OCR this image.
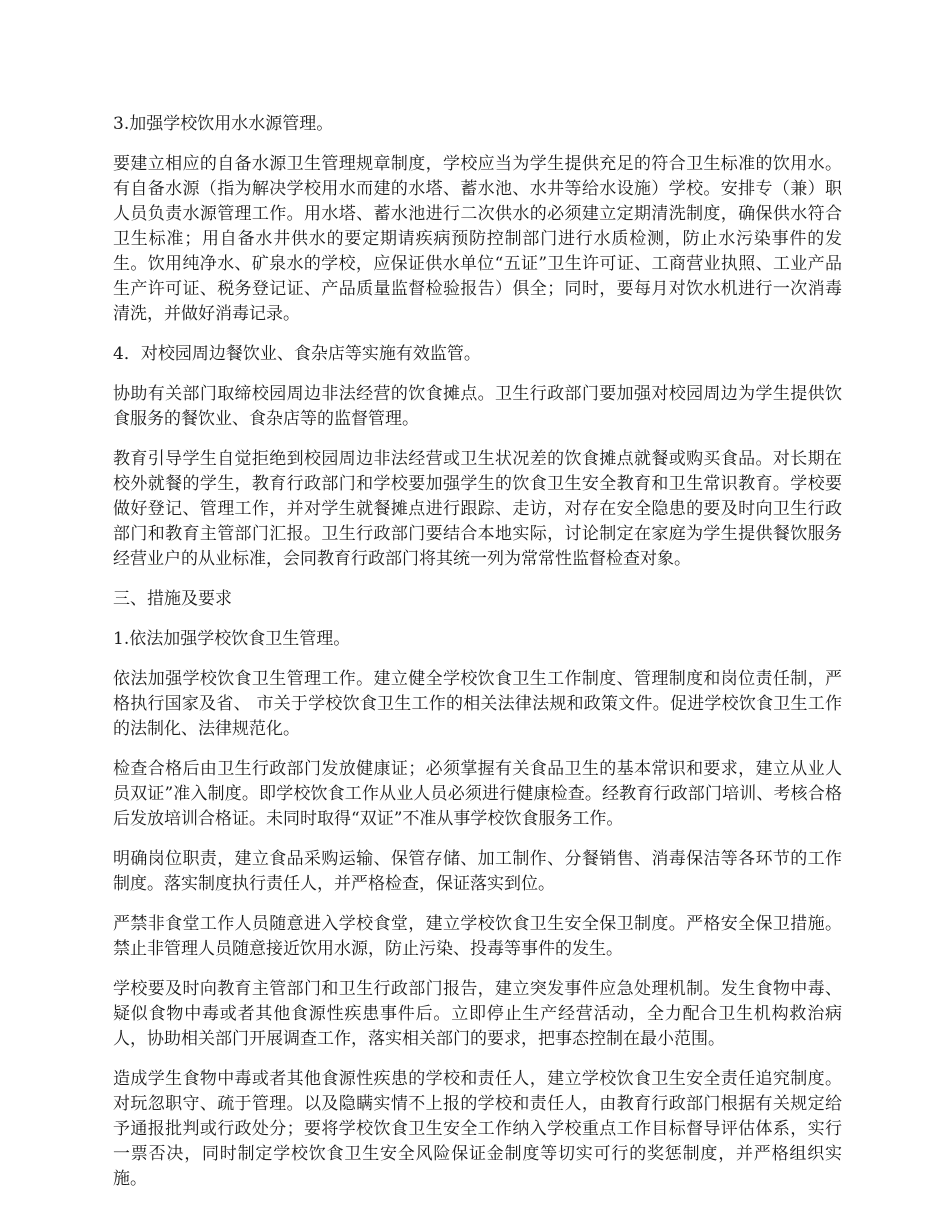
3.加强学校饮用水水源管理。

要建立相应的自备水源卫生管理规章制度，学校应当为学生提供充足的符合卫生标准的饮用水。有自备水源（指为解决学校用水而建的水塔、蓄水池、水井等给水设施）学校。安排专（兼）职人员负责水源管理工作。用水塔、蓄水池进行二次供水的必须建立定期清洗制度，确保供水符合卫生标准；用自备水井供水的要定期请疾病预防控制部门进行水质检测，防止水污染事件的发生。饮用纯净水、矿泉水的学校，应保证供水单位“五证”卫生许可证、工商营业执照、工业产品生产许可证、税务登记证、产品质量监督检验报告）俱全；同时，要每月对饮水机进行一次消毒清洗，并做好消毒记录。

4．对校园周边餐饮业、食杂店等实施有效监管。

协助有关部门取缔校园周边非法经营的饮食摊点。卫生行政部门要加强对校园周边为学生提供饮食服务的餐饮业、食杂店等的监督管理。

教育引导学生自觉拒绝到校园周边非法经营或卫生状况差的饮食摊点就餐或购买食品。对长期在校外就餐的学生，教育行政部门和学校要加强学生的饮食卫生安全教育和卫生常识教育。学校要做好登记、管理工作，并对学生就餐摊点进行跟踪、走访，对存在安全隐患的要及时向卫生行政部门和教育主管部门汇报。卫生行政部门要结合本地实际，讨论制定在家庭为学生提供餐饮服务经营业户的从业标准，会同教育行政部门将其统一列为常常性监督检查对象。

三、措施及要求

1.依法加强学校饮食卫生管理。

依法加强学校饮食卫生管理工作。建立健全学校饮食卫生工作制度、管理制度和岗位责任制，严格执行国家及省、 市关于学校饮食卫生工作的相关法律法规和政策文件。促进学校饮食卫生工作的法制化、法律规范化。

检查合格后由卫生行政部门发放健康证；必须掌握有关食品卫生的基本常识和要求，建立从业人员双证”准入制度。即学校饮食工作从业人员必须进行健康检查。经教育行政部门培训、考核合格后发放培训合格证。未同时取得“双证”不准从事学校饮食服务工作。

明确岗位职责，建立食品采购运输、保管存储、加工制作、分餐销售、消毒保洁等各环节的工作制度。落实制度执行责任人，并严格检查，保证落实到位。

严禁非食堂工作人员随意进入学校食堂，建立学校饮食卫生安全保卫制度。严格安全保卫措施。禁止非管理人员随意接近饮用水源，防止污染、投毒等事件的发生。

学校要及时向教育主管部门和卫生行政部门报告，建立突发事件应急处理机制。发生食物中毒、疑似食物中毒或者其他食源性疾患事件后。立即停止生产经营活动，全力配合卫生机构救治病人，协助相关部门开展调查工作，落实相关部门的要求，把事态控制在最小范围。

造成学生食物中毒或者其他食源性疾患的学校和责任人，建立学校饮食卫生安全责任追究制度。对玩忽职守、疏于管理。以及隐瞒实情不上报的学校和责任人，由教育行政部门根据有关规定给予通报批判或行政处分；要将学校饮食卫生安全工作纳入学校重点工作目标督导评估体系，实行一票否决，同时制定学校饮食卫生安全风险保证金制度等切实可行的奖惩制度，并严格组织实施。
